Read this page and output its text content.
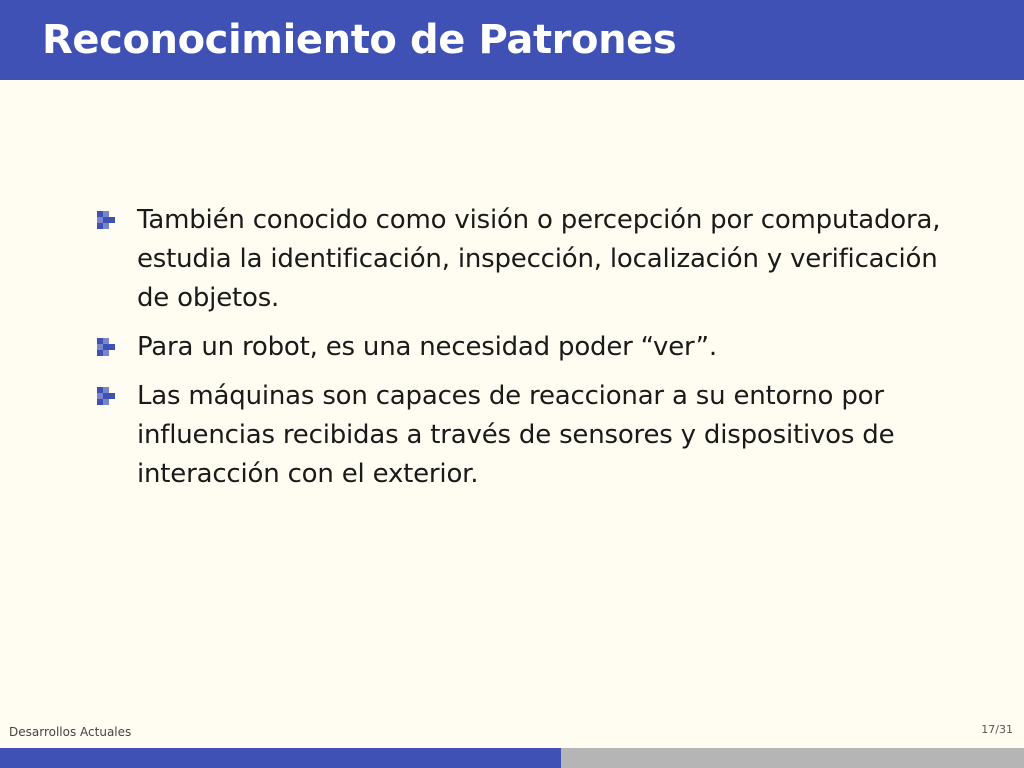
Reconocimiento de Patrones
También conocido como visión o percepción por computadora, estudia la identificación, inspección, localización y verificación de objetos.
Para un robot, es una necesidad poder “ver”.
Las máquinas son capaces de reaccionar a su entorno por influencias recibidas a través de sensores y dispositivos de interacción con el exterior.
Desarrollos Actuales	17/31
